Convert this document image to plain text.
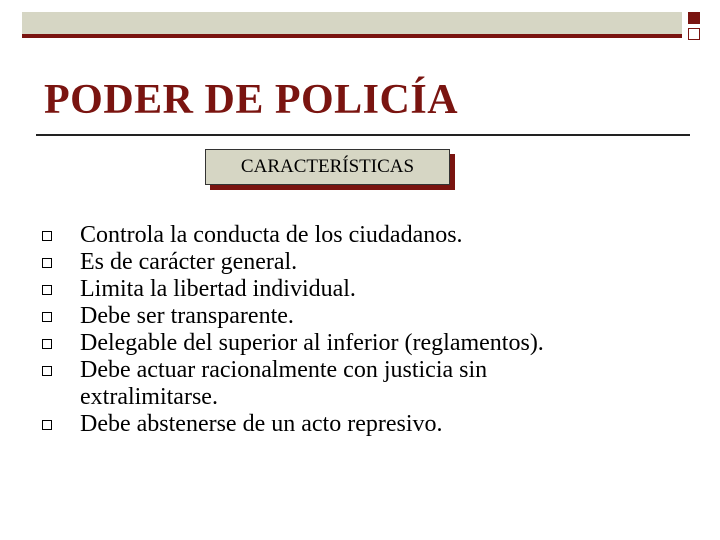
PODER DE POLICÍA
CARACTERÍSTICAS
Controla la conducta de los ciudadanos.
Es de carácter general.
Limita la libertad individual.
Debe ser transparente.
Delegable del superior al inferior (reglamentos).
Debe actuar racionalmente con justicia sin extralimitarse.
Debe abstenerse de un acto represivo.
